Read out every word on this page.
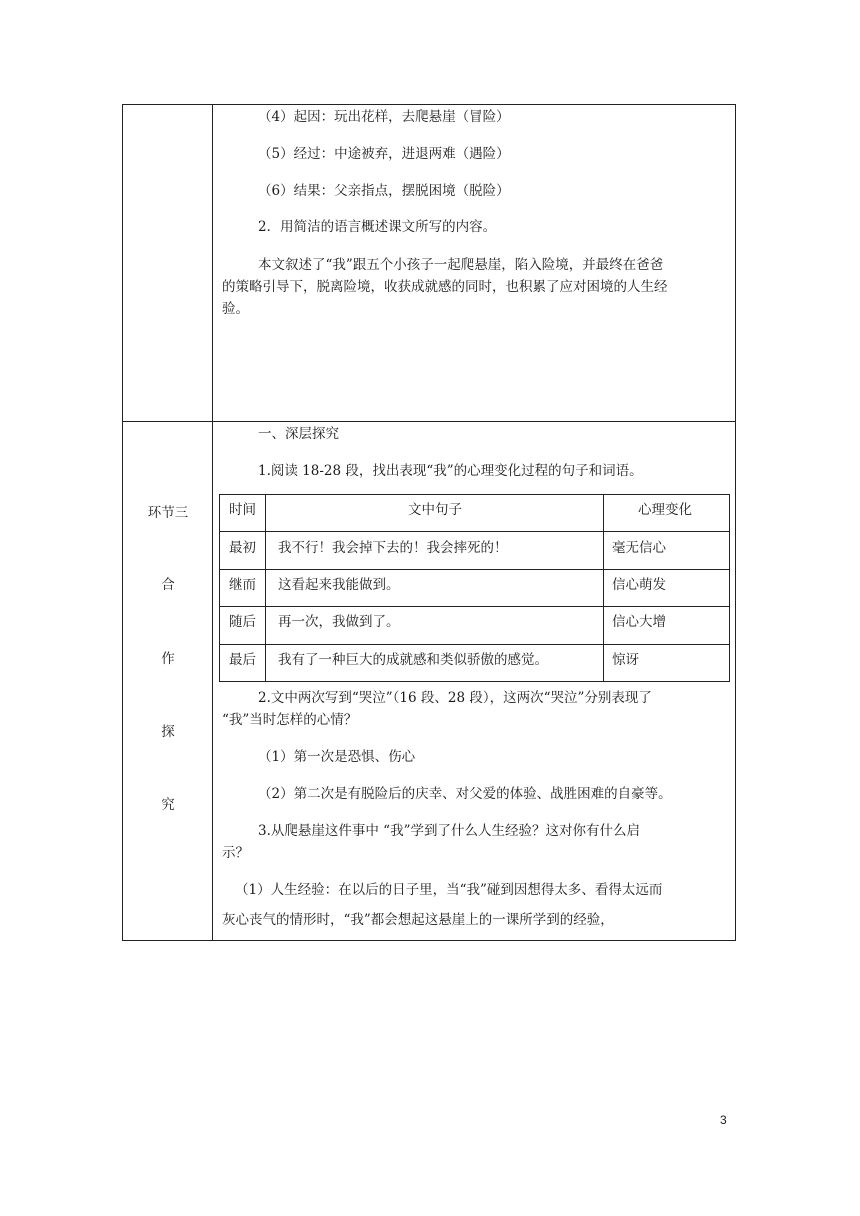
环节三
合
作
探
究
（4）起因：玩出花样，去爬悬崖（冒险）
（5）经过：中途被弃，进退两难（遇险）
（6）结果：父亲指点，摆脱困境（脱险）
2．用简洁的语言概述课文所写的内容。
本文叙述了“我”跟五个小孩子一起爬悬崖，陷入险境，并最终在爸爸
的策略引导下，脱离险境，收获成就感的同时，也积累了应对困境的人生经
验。
一、深层探究
1.阅读 18-28 段，找出表现“我”的心理变化过程的句子和词语。
时间	文中句子	心理变化
最初 我不行！我会掉下去的！我会摔死的！	毫无信心
继而 这看起来我能做到。	信心萌发
随后 再一次，我做到了。	信心大增
最后 我有了一种巨大的成就感和类似骄傲的感觉。	惊讶
2.文中两次写到“哭泣”（16 段、28 段），这两次“哭泣”分别表现了
“我”当时怎样的心情？
（1）第一次是恐惧、伤心
（2）第二次是有脱险后的庆幸、对父爱的体验、战胜困难的自豪等。
3.从爬悬崖这件事中 “我”学到了什么人生经验？这对你有什么启
示？
（1）人生经验：在以后的日子里，当“我”碰到因想得太多、看得太远而
灰心丧气的情形时，“我”都会想起这悬崖上的一课所学到的经验，
3
